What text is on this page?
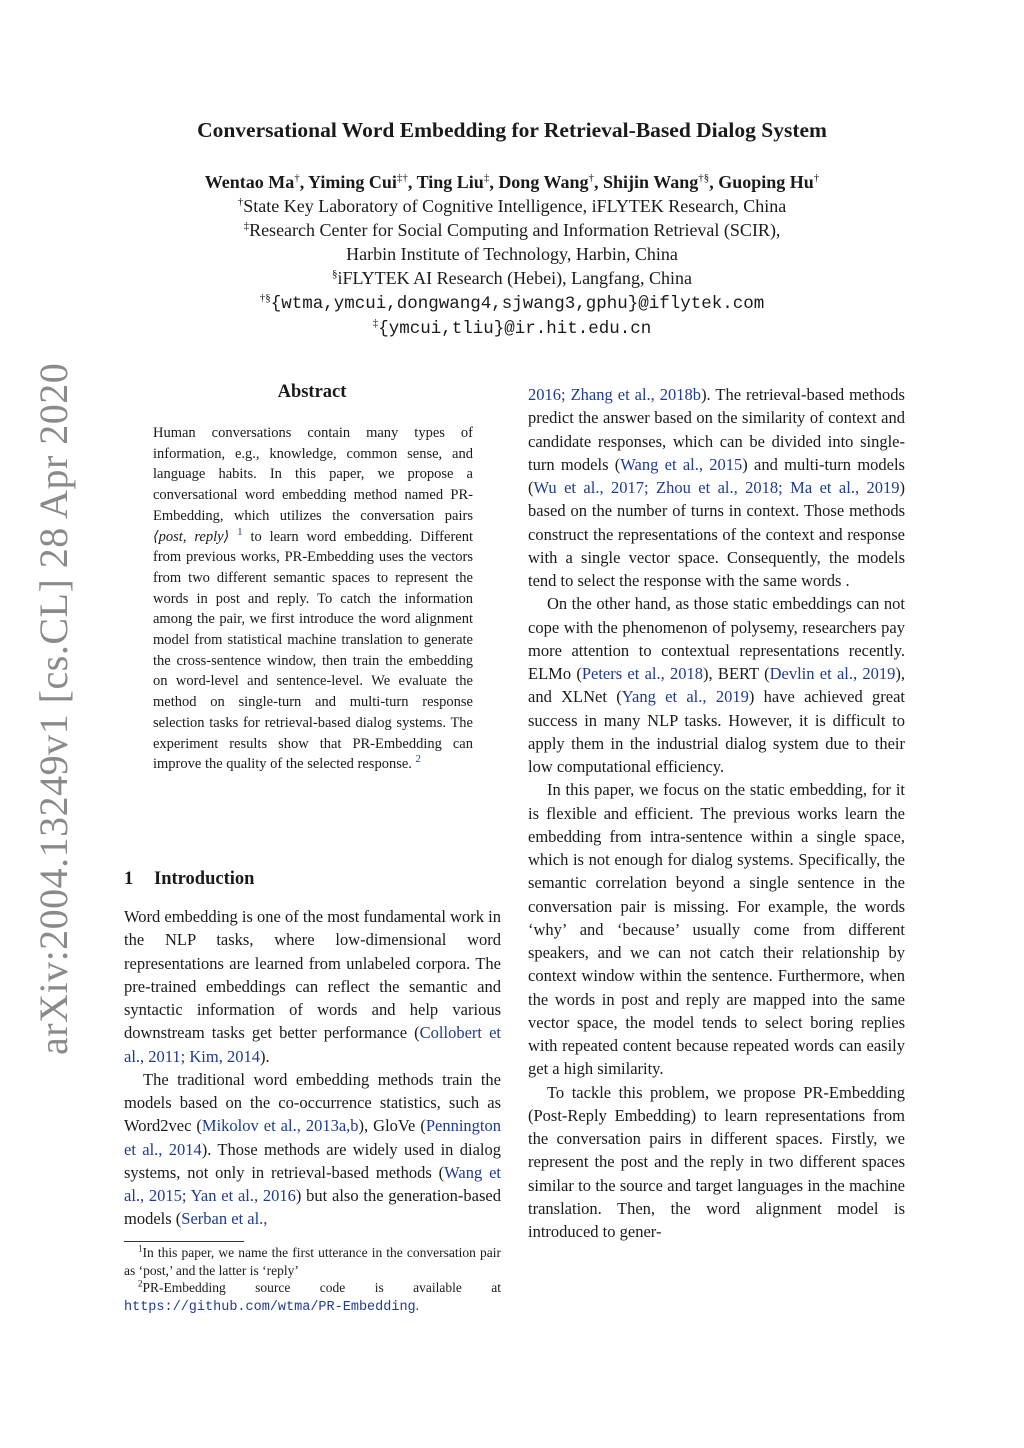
arXiv:2004.13249v1 [cs.CL] 28 Apr 2020
Conversational Word Embedding for Retrieval-Based Dialog System
Wentao Ma†, Yiming Cui‡†, Ting Liu‡, Dong Wang†, Shijin Wang†§, Guoping Hu†
†State Key Laboratory of Cognitive Intelligence, iFLYTEK Research, China
‡Research Center for Social Computing and Information Retrieval (SCIR),
Harbin Institute of Technology, Harbin, China
§iFLYTEK AI Research (Hebei), Langfang, China
†§{wtma,ymcui,dongwang4,sjwang3,gphu}@iflytek.com
‡{ymcui,tliu}@ir.hit.edu.cn
Abstract
Human conversations contain many types of information, e.g., knowledge, common sense, and language habits. In this paper, we propose a conversational word embedding method named PR-Embedding, which utilizes the conversation pairs ⟨post, reply⟩ $^1$ to learn word embedding. Different from previous works, PR-Embedding uses the vectors from two different semantic spaces to represent the words in post and reply. To catch the information among the pair, we first introduce the word alignment model from statistical machine translation to generate the cross-sentence window, then train the embedding on word-level and sentence-level. We evaluate the method on single-turn and multi-turn response selection tasks for retrieval-based dialog systems. The experiment results show that PR-Embedding can improve the quality of the selected response. $^2$
1 Introduction

Word embedding is one of the most fundamental work in the NLP tasks, where low-dimensional word representations are learned from unlabeled corpora. The pre-trained embeddings can reflect the semantic and syntactic information of words and help various downstream tasks get better performance (Collobert et al., 2011; Kim, 2014).

The traditional word embedding methods train the models based on the co-occurrence statistics, such as Word2vec (Mikolov et al., 2013a,b), GloVe (Pennington et al., 2014). Those methods are widely used in dialog systems, not only in retrieval-based methods (Wang et al., 2015; Yan et al., 2016) but also the generation-based models (Serban et al.,

2016; Zhang et al., 2018b). The retrieval-based methods predict the answer based on the similarity of context and candidate responses, which can be divided into single-turn models (Wang et al., 2015) and multi-turn models (Wu et al., 2017; Zhou et al., 2018; Ma et al., 2019) based on the number of turns in context. Those methods construct the representations of the context and response with a single vector space. Consequently, the models tend to select the response with the same words .

On the other hand, as those static embeddings can not cope with the phenomenon of polysemy, researchers pay more attention to contextual representations recently. ELMo (Peters et al., 2018), BERT (Devlin et al., 2019), and XLNet (Yang et al., 2019) have achieved great success in many NLP tasks. However, it is difficult to apply them in the industrial dialog system due to their low computational efficiency.

In this paper, we focus on the static embedding, for it is flexible and efficient. The previous works learn the embedding from intra-sentence within a single space, which is not enough for dialog systems. Specifically, the semantic correlation beyond a single sentence in the conversation pair is missing. For example, the words ‘why’ and ‘because’ usually come from different speakers, and we can not catch their relationship by context window within the sentence. Furthermore, when the words in post and reply are mapped into the same vector space, the model tends to select boring replies with repeated content because repeated words can easily get a high similarity.

To tackle this problem, we propose PR-Embedding (Post-Reply Embedding) to learn representations from the conversation pairs in different spaces. Firstly, we represent the post and the reply in two different spaces similar to the source and target languages in the machine translation. Then, the word alignment model is introduced to gener-

$^1$In this paper, we name the first utterance in the conversation pair as ‘post,’ and the latter is ‘reply’

$^2$PR-Embedding source code is available at https://github.com/wtma/PR-Embedding.
